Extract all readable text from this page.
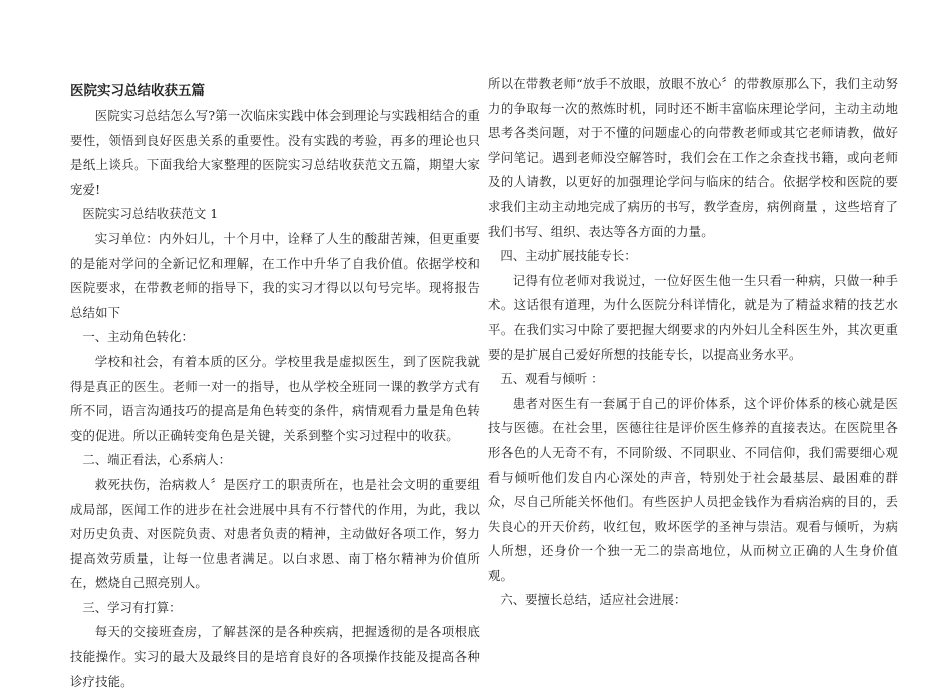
医院实习总结收获五篇

医院实习总结怎么写?第一次临床实践中体会到理论与实践相结合的重要性，领悟到良好医患关系的重要性。没有实践的考验，再多的理论也只是纸上谈兵。下面我给大家整理的医院实习总结收获范文五篇，期望大家宠爱!

医院实习总结收获范文 1

实习单位：内外妇儿，十个月中，诠释了人生的酸甜苦辣，但更重要的是能对学问的全新记忆和理解，在工作中升华了自我价值。依据学校和医院要求，在带教老师的指导下，我的实习才得以以句号完毕。现将报告总结如下

一、主动角色转化：

学校和社会，有着本质的区分。学校里我是虚拟医生，到了医院我就得是真正的医生。老师一对一的指导，也从学校全班同一课的教学方式有所不同，语言沟通技巧的提高是角色转变的条件，病情观看力量是角色转变的促进。所以正确转变角色是关键，关系到整个实习过程中的收获。

二、端正看法，心系病人：

救死扶伤，治病救人〞是医疗工的职责所在，也是社会文明的重要组成局部，医闻工作的进步在社会进展中具有不行替代的作用，为此，我以对历史负责、对医院负责、对患者负责的精神，主动做好各项工作，努力提高效劳质量，让每一位患者满足。以白求恩、南丁格尔精神为价值所在，燃烧自己照亮别人。

三、学习有打算：

每天的交接班查房，了解甚深的是各种疾病，把握透彻的是各项根底技能操作。实习的最大及最终目的是培育良好的各项操作技能及提高各种诊疗技能。

所以在带教老师“放手不放眼，放眼不放心〞的带教原那么下，我们主动努力的争取每一次的熬炼时机，同时还不断丰富临床理论学问，主动主动地思考各类问题，对于不懂的问题虚心的向带教老师或其它老师请教，做好学问笔记。遇到老师没空解答时，我们会在工作之余查找书籍，或向老师及的人请教，以更好的加强理论学问与临床的结合。依据学校和医院的要求我们主动主动地完成了病历的书写，教学查房，病例商量 ，这些培育了我们书写、组织、表达等各方面的力量。

四、主动扩展技能专长：

记得有位老师对我说过，一位好医生他一生只看一种病，只做一种手术。这话很有道理，为什么医院分科详情化，就是为了精益求精的技艺水平。在我们实习中除了要把握大纲要求的内外妇儿全科医生外，其次更重要的是扩展自己爱好所想的技能专长，以提高业务水平。

五、观看与倾听 ：

患者对医生有一套属于自己的评价体系，这个评价体系的核心就是医技与医德。在社会里，医德往往是评价医生修养的直接表达。在医院里各形各色的人无奇不有，不同阶级、不同职业、不同信仰，我们需要细心观看与倾听他们发自内心深处的声音，特别处于社会最基层、最困难的群众，尽自己所能关怀他们。有些医护人员把金钱作为看病治病的目的，丢失良心的开天价药，收红包，败坏医学的圣神与崇洁。观看与倾听，为病人所想，还身价一个独一无二的崇高地位，从而树立正确的人生身价值观。

六、要擅长总结，适应社会进展：
